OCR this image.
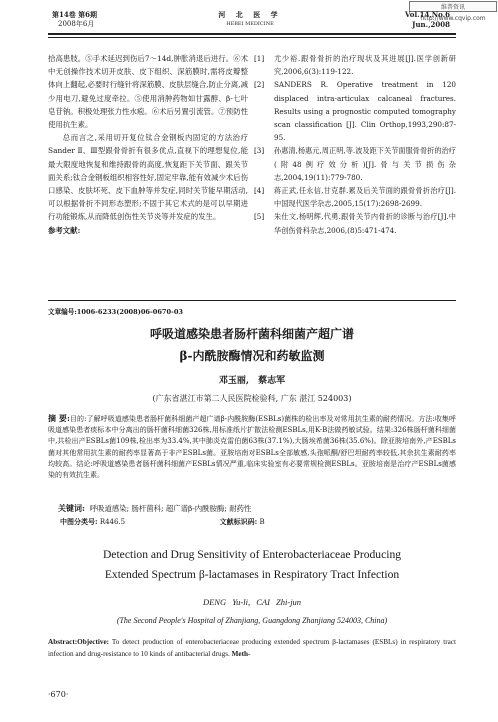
维普资讯 http://www.cqvip.com
第14卷 第6期
2008年6月
河 北 医 学
HEBEI MEDICINE
Vol.14,No.6
Jun.,2008

拾高患肢。⑤手术延迟到伤后7～14d,肿胀消退后进行。⑥术中无创操作技术切开皮肤、皮下组织、深筋膜时,需将皮瓣整体向上翻起,必要时行缝针将深筋膜、皮肤层缝合,防止分离,减少用电刀,避免过度牵拉。⑤使用消肿药物如甘露醇、β-七叶皂苷钠。积极处理张力性水疱。⑥术后另置引流管。⑦预防性使用抗生素。

总而言之,采用切开复位钛合金钢板内固定的方法治疗Sander Ⅱ、Ⅲ型跟骨骨折有很多优点,直视下的理想复位,能最大限度地恢复和维持跟骨的高度,恢复距下关节面、跟关节面关系;钛合金钢板组织相容性好,固定牢靠,能有效减少术后伤口感染、皮肤坏死、皮下血肿等并发症,同时关节能早期活动,可以根据骨折不同形态塑形;不固于其它术式的是可以早期进行功能锻炼,从而降低创伤性关节炎等并发症的发生。

参考文献:

[1] 尤少裕.跟骨骨折的治疗现状及其进展[J].医学创新研究,2006,6(3):119-122.

[2] SANDERS R. Operative treatment in 120 displaced intra-articulax calcaneal fractures. Results using a prognostic computed tomography scan classification [J]. Clin Orthop,1993,290:87-95.

[3] 孙惠清,杨惠元,周正明,等.波及距下关节面服骨骨折的治疗(附48例疗效分析)[J].骨与关节损伤杂志,2004,19(11):779-780.

[4] 蒋正武,任永信,甘克群.累及后关节面的跟骨骨折治疗[J].中国现代医学杂志,2005,15(17):2698-2699.

[5] 朱仕文,杨明辉,代勇.跟骨关节内骨折的诊断与治疗[J].中华创伤骨科杂志,2006,(8)5:471-474.

文章编号:1006-6233(2008)06-0670-03
呼吸道感染患者肠杆菌科细菌产超广谱
β-内酰胺酶情况和药敏监测
邓玉丽, 蔡志军
(广东省湛江市第二人民医院检验科, 广东 湛江 524003)
摘 要:目的:了解呼吸道感染患者肠杆菌科细菌产超广谱β-内酰胺酶(ESBLs)菌株的检出率及对常用抗生素的耐药情况。方法:收集呼吸道感染患者痰标本中分离出的肠杆菌科细菌326株,用标准纸片扩散法检测ESBLs,用K-B法做药敏试验。结果:326株肠杆菌科细菌中,共检出产ESBLs菌109株,检出率为33.4%,其中肺炎克雷伯菌63株(37.1%),大肠埃希菌36株(35.6%)。除亚胺培南外,产ESBLs菌对其他常用抗生素的耐药率显著高于非产ESBLs菌。亚胺培南对ESBLs全部敏感,头孢哌酮/舒巴坦耐药率较低,其余抗生素耐药率均较高。结论:呼吸道感染患者肠杆菌科细菌产ESBLs情况严重,临床实验室有必要常规检测ESBLs。亚胺培南是治疗产ESBLs菌感染的有效抗生素。
关键词: 呼吸道感染; 肠杆菌科; 超广谱β-内酰胺酶; 耐药性
中图分类号: R446.5	文献标识码: B
Detection and Drug Sensitivity of Enterobacteriaceae Producing
Extended Spectrum β-lactamases in Respiratory Tract Infection
DENG Yu-li, CAI Zhi-jun
(The Second People's Hospital of Zhanjiang, Guangdong Zhanjiang 524003, China)
Abstract:Objective: To detect production of enterobacteriaceae producing extended spectrum β-lactamases (ESBLs) in respiratory tract infection and drug-resistance to 10 kinds of antibacterial drugs. Meth-
·670·
